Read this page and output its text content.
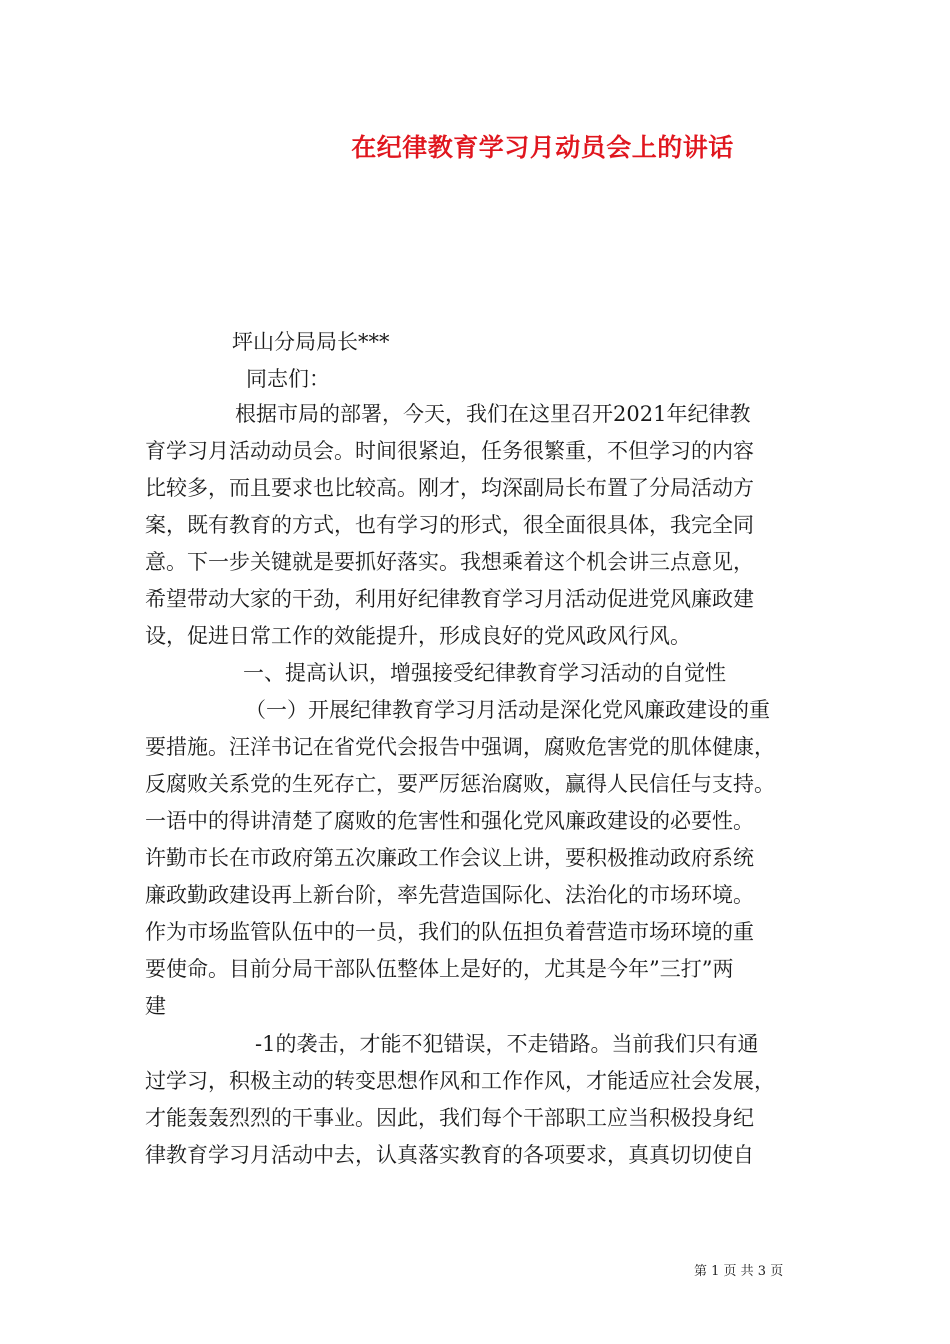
在纪律教育学习月动员会上的讲话
坪山分局局长***
同志们：
根据市局的部署，今天，我们在这里召开2021年纪律教
育学习月活动动员会。时间很紧迫，任务很繁重，不但学习的内容
比较多，而且要求也比较高。刚才，均深副局长布置了分局活动方
案，既有教育的方式，也有学习的形式，很全面很具体，我完全同
意。下一步关键就是要抓好落实。我想乘着这个机会讲三点意见，
希望带动大家的干劲，利用好纪律教育学习月活动促进党风廉政建
设，促进日常工作的效能提升，形成良好的党风政风行风。
一、提高认识，增强接受纪律教育学习活动的自觉性
（一）开展纪律教育学习月活动是深化党风廉政建设的重
要措施。汪洋书记在省党代会报告中强调，腐败危害党的肌体健康，
反腐败关系党的生死存亡，要严厉惩治腐败，赢得人民信任与支持。
一语中的得讲清楚了腐败的危害性和强化党风廉政建设的必要性。
许勤市长在市政府第五次廉政工作会议上讲，要积极推动政府系统
廉政勤政建设再上新台阶，率先营造国际化、法治化的市场环境。
作为市场监管队伍中的一员，我们的队伍担负着营造市场环境的重
要使命。目前分局干部队伍整体上是好的，尤其是今年”三打”两
建
-1的袭击，才能不犯错误，不走错路。当前我们只有通
过学习，积极主动的转变思想作风和工作作风，才能适应社会发展，
才能轰轰烈烈的干事业。因此，我们每个干部职工应当积极投身纪
律教育学习月活动中去，认真落实教育的各项要求，真真切切使自
第 1 页 共 3 页
